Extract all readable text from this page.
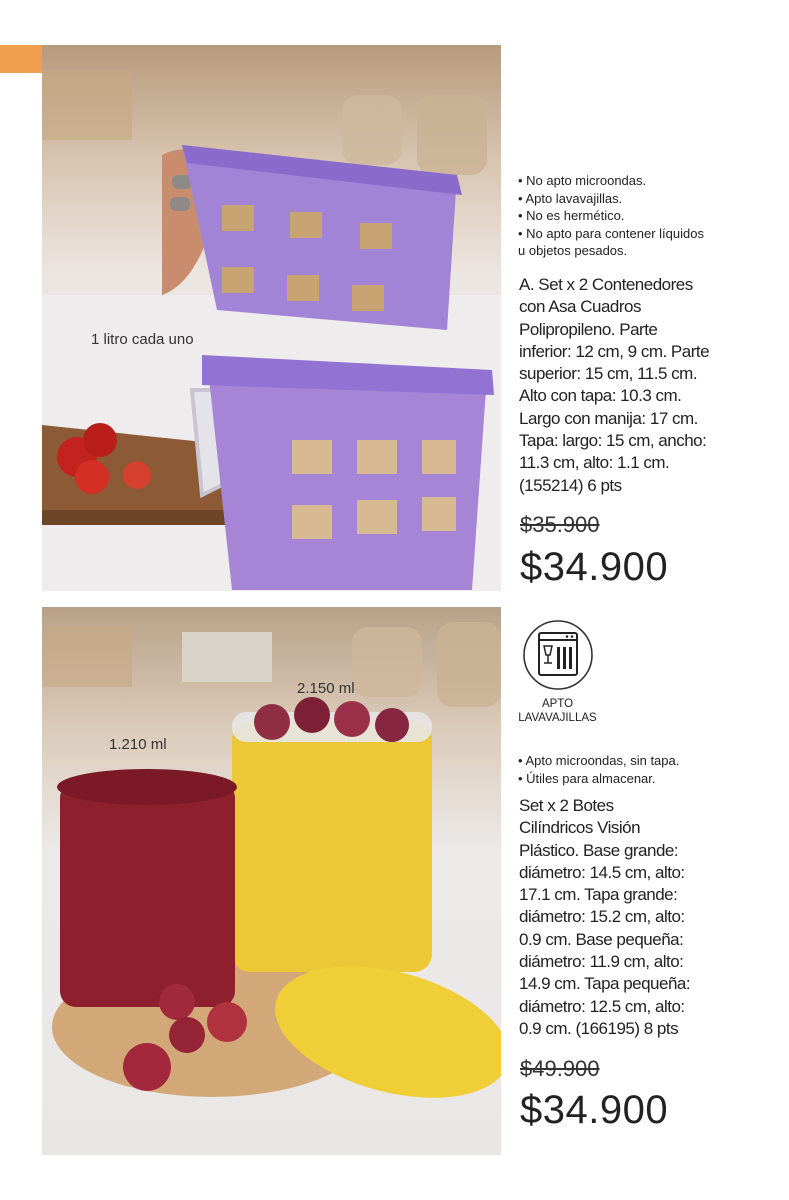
1 litro cada uno
• No apto microondas.
• Apto lavavajillas.
• No es hermético.
• No apto para contener líquidos
u objetos pesados.
A. Set x 2 Contenedores
con Asa Cuadros
Polipropileno. Parte
inferior: 12 cm, 9 cm. Parte
superior: 15 cm, 11.5 cm.
Alto con tapa: 10.3 cm.
Largo con manija: 17 cm.
Tapa: largo: 15 cm, ancho:
11.3 cm, alto: 1.1 cm.
(155214) 6 pts
$35.900
$34.900
2.150 ml
1.210 ml
APTO
LAVAVAJILLAS
• Apto microondas, sin tapa.
• Útiles para almacenar.
Set x 2 Botes
Cilíndricos Visión
Plástico. Base grande:
diámetro: 14.5 cm, alto:
17.1 cm. Tapa grande:
diámetro: 15.2 cm, alto:
0.9 cm. Base pequeña:
diámetro: 11.9 cm, alto:
14.9 cm. Tapa pequeña:
diámetro: 12.5 cm, alto:
0.9 cm. (166195) 8 pts
$49.900
$34.900
